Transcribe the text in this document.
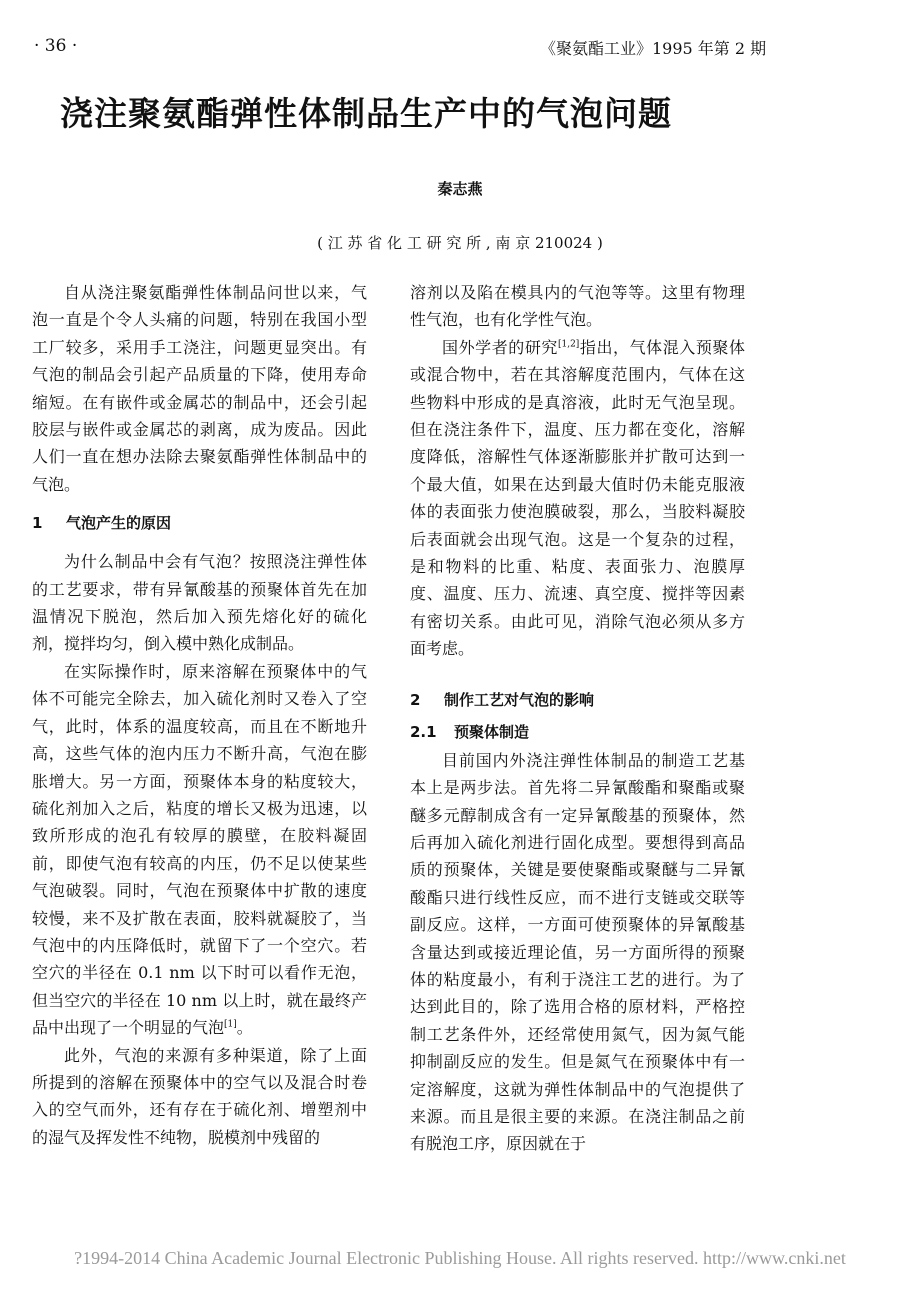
· 36 ·	《聚氨酯工业》1995 年第 2 期
浇注聚氨酯弹性体制品生产中的气泡问题
秦志燕
( 江 苏 省 化 工 研 究 所 , 南 京 210024 )

自从浇注聚氨酯弹性体制品问世以来，气泡一直是个令人头痛的问题，特别在我国小型工厂较多，采用手工浇注，问题更显突出。有气泡的制品会引起产品质量的下降，使用寿命缩短。在有嵌件或金属芯的制品中，还会引起胶层与嵌件或金属芯的剥离，成为废品。因此人们一直在想办法除去聚氨酯弹性体制品中的气泡。

1 气泡产生的原因

为什么制品中会有气泡？按照浇注弹性体的工艺要求，带有异氰酸基的预聚体首先在加温情况下脱泡，然后加入预先熔化好的硫化剂，搅拌均匀，倒入模中熟化成制品。

在实际操作时，原来溶解在预聚体中的气体不可能完全除去，加入硫化剂时又卷入了空气，此时，体系的温度较高，而且在不断地升高，这些气体的泡内压力不断升高，气泡在膨胀增大。另一方面，预聚体本身的粘度较大，硫化剂加入之后，粘度的增长又极为迅速，以致所形成的泡孔有较厚的膜壁，在胶料凝固前，即使气泡有较高的内压，仍不足以使某些气泡破裂。同时，气泡在预聚体中扩散的速度较慢，来不及扩散在表面，胶料就凝胶了，当气泡中的内压降低时，就留下了一个空穴。若空穴的半径在 0.1 nm 以下时可以看作无泡，但当空穴的半径在 10 nm 以上时，就在最终产品中出现了一个明显的气泡[1]。

此外，气泡的来源有多种渠道，除了上面所提到的溶解在预聚体中的空气以及混合时卷入的空气而外，还有存在于硫化剂、增塑剂中的湿气及挥发性不纯物，脱模剂中残留的

溶剂以及陷在模具内的气泡等等。这里有物理性气泡，也有化学性气泡。

国外学者的研究[1,2]指出，气体混入预聚体或混合物中，若在其溶解度范围内，气体在这些物料中形成的是真溶液，此时无气泡呈现。但在浇注条件下，温度、压力都在变化，溶解度降低，溶解性气体逐渐膨胀并扩散可达到一个最大值，如果在达到最大值时仍未能克服液体的表面张力使泡膜破裂，那么，当胶料凝胶后表面就会出现气泡。这是一个复杂的过程，是和物料的比重、粘度、表面张力、泡膜厚度、温度、压力、流速、真空度、搅拌等因素有密切关系。由此可见，消除气泡必须从多方面考虑。

2 制作工艺对气泡的影响
2.1 预聚体制造

目前国内外浇注弹性体制品的制造工艺基本上是两步法。首先将二异氰酸酯和聚酯或聚醚多元醇制成含有一定异氰酸基的预聚体，然后再加入硫化剂进行固化成型。要想得到高品质的预聚体，关键是要使聚酯或聚醚与二异氰酸酯只进行线性反应，而不进行支链或交联等副反应。这样，一方面可使预聚体的异氰酸基含量达到或接近理论值，另一方面所得的预聚体的粘度最小，有利于浇注工艺的进行。为了达到此目的，除了选用合格的原材料，严格控制工艺条件外，还经常使用氮气，因为氮气能抑制副反应的发生。但是氮气在预聚体中有一定溶解度，这就为弹性体制品中的气泡提供了来源。而且是很主要的来源。在浇注制品之前有脱泡工序，原因就在于

?1994-2014 China Academic Journal Electronic Publishing House. All rights reserved. http://www.cnki.net
